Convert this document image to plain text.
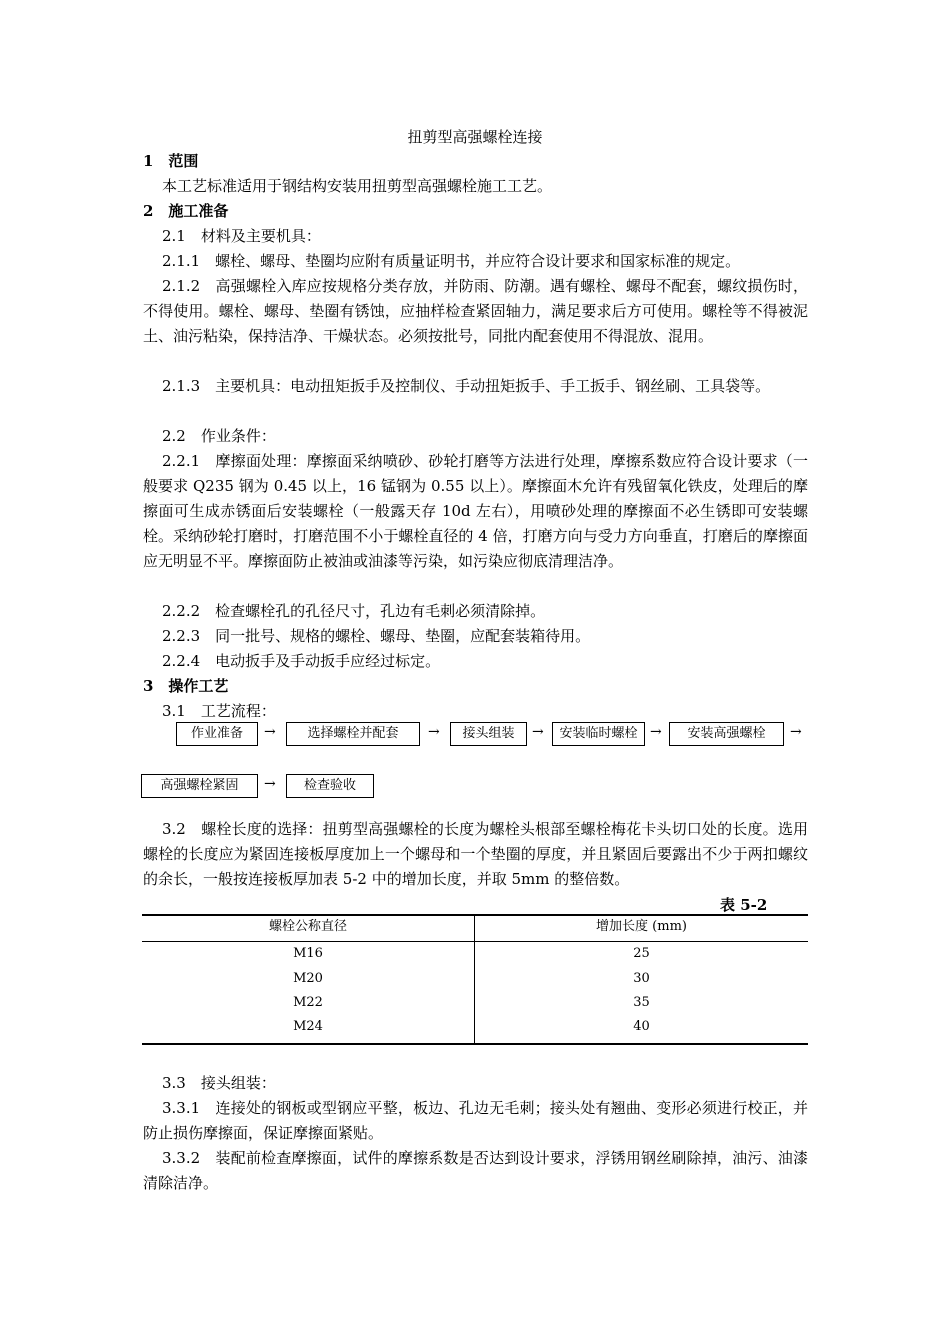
扭剪型高强螺栓连接
1　范围
本工艺标准适用于钢结构安装用扭剪型高强螺栓施工工艺。
2　施工准备
2.1　材料及主要机具：
2.1.1　螺栓、螺母、垫圈均应附有质量证明书，并应符合设计要求和国家标准的规定。
2.1.2　高强螺栓入库应按规格分类存放，并防雨、防潮。遇有螺栓、螺母不配套，螺纹损伤时，不得使用。螺栓、螺母、垫圈有锈蚀，应抽样检查紧固轴力，满足要求后方可使用。螺栓等不得被泥土、油污粘染，保持洁净、干燥状态。必须按批号，同批内配套使用不得混放、混用。
2.1.3　主要机具：电动扭矩扳手及控制仪、手动扭矩扳手、手工扳手、钢丝刷、工具袋等。
2.2　作业条件：
2.2.1　摩擦面处理：摩擦面采纳喷砂、砂轮打磨等方法进行处理，摩擦系数应符合设计要求（一般要求 Q235 钢为 0.45 以上，16 锰钢为 0.55 以上）。摩擦面木允许有残留氧化铁皮，处理后的摩擦面可生成赤锈面后安装螺栓（一般露天存 10d 左右），用喷砂处理的摩擦面不必生锈即可安装螺栓。采纳砂轮打磨时，打磨范围不小于螺栓直径的 4 倍，打磨方向与受力方向垂直，打磨后的摩擦面应无明显不平。摩擦面防止被油或油漆等污染，如污染应彻底清理洁净。
2.2.2　检查螺栓孔的孔径尺寸，孔边有毛刺必须清除掉。
2.2.3　同一批号、规格的螺栓、螺母、垫圈，应配套装箱待用。
2.2.4　电动扳手及手动扳手应经过标定。
3　操作工艺
3.1　工艺流程：
作业准备	→	选择螺栓并配套	→	接头组装	→	安装临时螺栓 →	安装高强螺栓	→
高强螺栓紧固	→	检查验收
3.2　螺栓长度的选择：扭剪型高强螺栓的长度为螺栓头根部至螺栓梅花卡头切口处的长度。选用螺栓的长度应为紧固连接板厚度加上一个螺母和一个垫圈的厚度，并且紧固后要露出不少于两扣螺纹的余长，一般按连接板厚加表 5-2 中的增加长度，并取 5mm 的整倍数。
表 5-2
螺栓公称直径	增加长度 (mm)
M16	25
M20	30
M22	35
M24	40
3.3　接头组装：
3.3.1　连接处的钢板或型钢应平整，板边、孔边无毛刺；接头处有翘曲、变形必须进行校正，并防止损伤摩擦面，保证摩擦面紧贴。
3.3.2　装配前检查摩擦面，试件的摩擦系数是否达到设计要求，浮锈用钢丝刷除掉，油污、油漆清除洁净。
